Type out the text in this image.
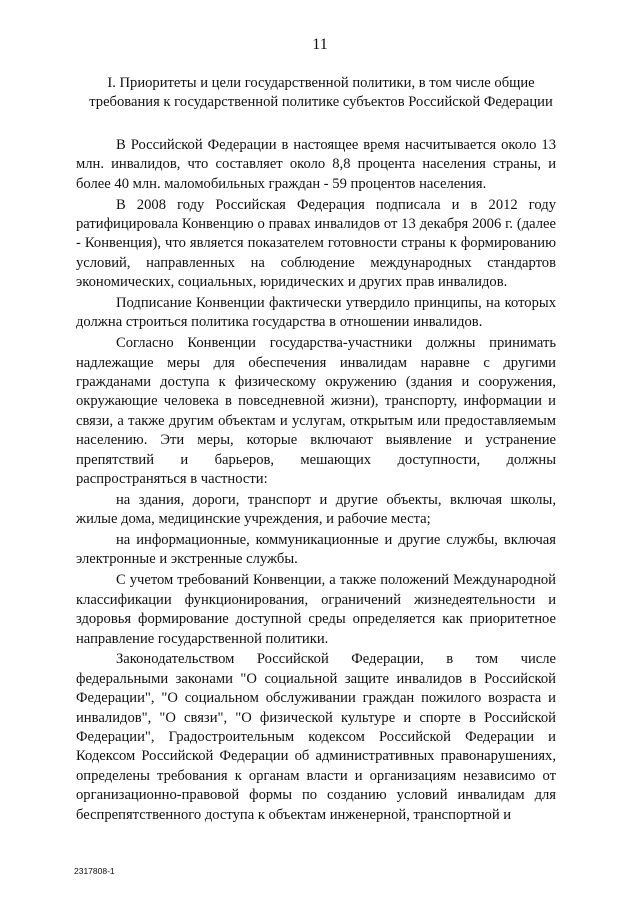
11
I. Приоритеты и цели государственной политики, в том числе общие требования к государственной политике субъектов Российской Федерации

В Российской Федерации в настоящее время насчитывается около 13 млн. инвалидов, что составляет около 8,8 процента населения страны, и более 40 млн. маломобильных граждан - 59 процентов населения.

В 2008 году Российская Федерация подписала и в 2012 году ратифицировала Конвенцию о правах инвалидов от 13 декабря 2006 г. (далее - Конвенция), что является показателем готовности страны к формированию условий, направленных на соблюдение международных стандартов экономических, социальных, юридических и других прав инвалидов.

Подписание Конвенции фактически утвердило принципы, на которых должна строиться политика государства в отношении инвалидов.

Согласно Конвенции государства-участники должны принимать надлежащие меры для обеспечения инвалидам наравне с другими гражданами доступа к физическому окружению (здания и сооружения, окружающие человека в повседневной жизни), транспорту, информации и связи, а также другим объектам и услугам, открытым или предоставляемым населению. Эти меры, которые включают выявление и устранение препятствий и барьеров, мешающих доступности, должны распространяться в частности:

на здания, дороги, транспорт и другие объекты, включая школы, жилые дома, медицинские учреждения, и рабочие места;

на информационные, коммуникационные и другие службы, включая электронные и экстренные службы.

С учетом требований Конвенции, а также положений Международной классификации функционирования, ограничений жизнедеятельности и здоровья формирование доступной среды определяется как приоритетное направление государственной политики.

Законодательством Российской Федерации, в том числе федеральными законами "О социальной защите инвалидов в Российской Федерации", "О социальном обслуживании граждан пожилого возраста и инвалидов", "О связи", "О физической культуре и спорте в Российской Федерации", Градостроительным кодексом Российской Федерации и Кодексом Российской Федерации об административных правонарушениях, определены требования к органам власти и организациям независимо от организационно-правовой формы по созданию условий инвалидам для беспрепятственного доступа к объектам инженерной, транспортной и

2317808-1
